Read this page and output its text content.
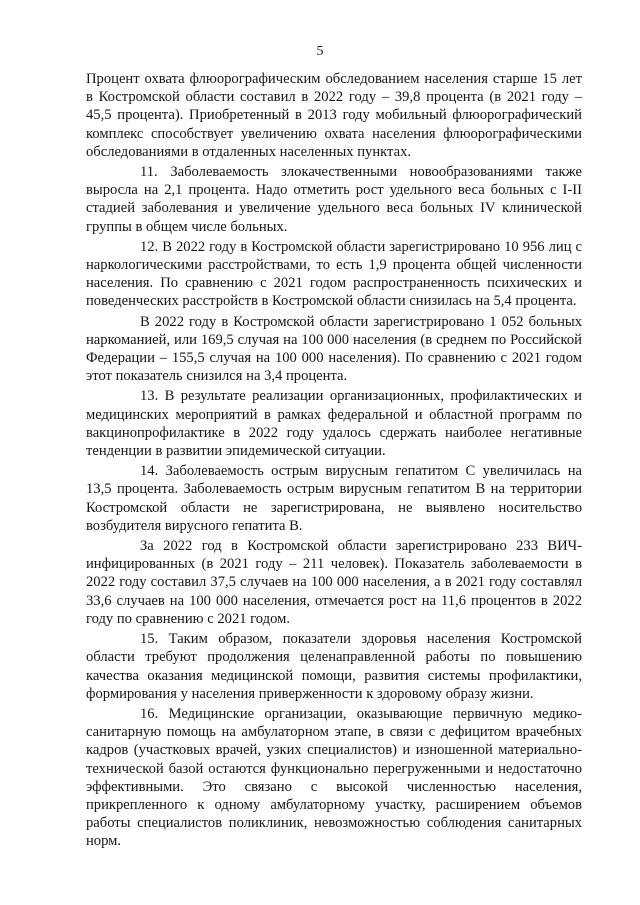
5

Процент охвата флюорографическим обследованием населения старше 15 лет в Костромской области составил в 2022 году – 39,8 процента (в 2021 году – 45,5 процента). Приобретенный в 2013 году мобильный флюорографический комплекс способствует увеличению охвата населения флюорографическими обследованиями в отдаленных населенных пунктах.

11. Заболеваемость злокачественными новообразованиями также выросла на 2,1 процента. Надо отметить рост удельного веса больных с I-II стадией заболевания и увеличение удельного веса больных IV клинической группы в общем числе больных.

12. В 2022 году в Костромской области зарегистрировано 10 956 лиц с наркологическими расстройствами, то есть 1,9 процента общей численности населения. По сравнению с 2021 годом распространенность психических и поведенческих расстройств в Костромской области снизилась на 5,4 процента.

В 2022 году в Костромской области зарегистрировано 1 052 больных наркоманией, или 169,5 случая на 100 000 населения (в среднем по Российской Федерации – 155,5 случая на 100 000 населения). По сравнению с 2021 годом этот показатель снизился на 3,4 процента.

13. В результате реализации организационных, профилактических и медицинских мероприятий в рамках федеральной и областной программ по вакцинопрофилактике в 2022 году удалось сдержать наиболее негативные тенденции в развитии эпидемической ситуации.

14. Заболеваемость острым вирусным гепатитом С увеличилась на 13,5 процента. Заболеваемость острым вирусным гепатитом В на территории Костромской области не зарегистрирована, не выявлено носительство возбудителя вирусного гепатита В.

За 2022 год в Костромской области зарегистрировано 233 ВИЧ-инфицированных (в 2021 году – 211 человек). Показатель заболеваемости в 2022 году составил 37,5 случаев на 100 000 населения, а в 2021 году составлял 33,6 случаев на 100 000 населения, отмечается рост на 11,6 процентов в 2022 году по сравнению с 2021 годом.

15. Таким образом, показатели здоровья населения Костромской области требуют продолжения целенаправленной работы по повышению качества оказания медицинской помощи, развития системы профилактики, формирования у населения приверженности к здоровому образу жизни.

16. Медицинские организации, оказывающие первичную медико-санитарную помощь на амбулаторном этапе, в связи с дефицитом врачебных кадров (участковых врачей, узких специалистов) и изношенной материально-технической базой остаются функционально перегруженными и недостаточно эффективными. Это связано с высокой численностью населения, прикрепленного к одному амбулаторному участку, расширением объемов работы специалистов поликлиник, невозможностью соблюдения санитарных норм.
